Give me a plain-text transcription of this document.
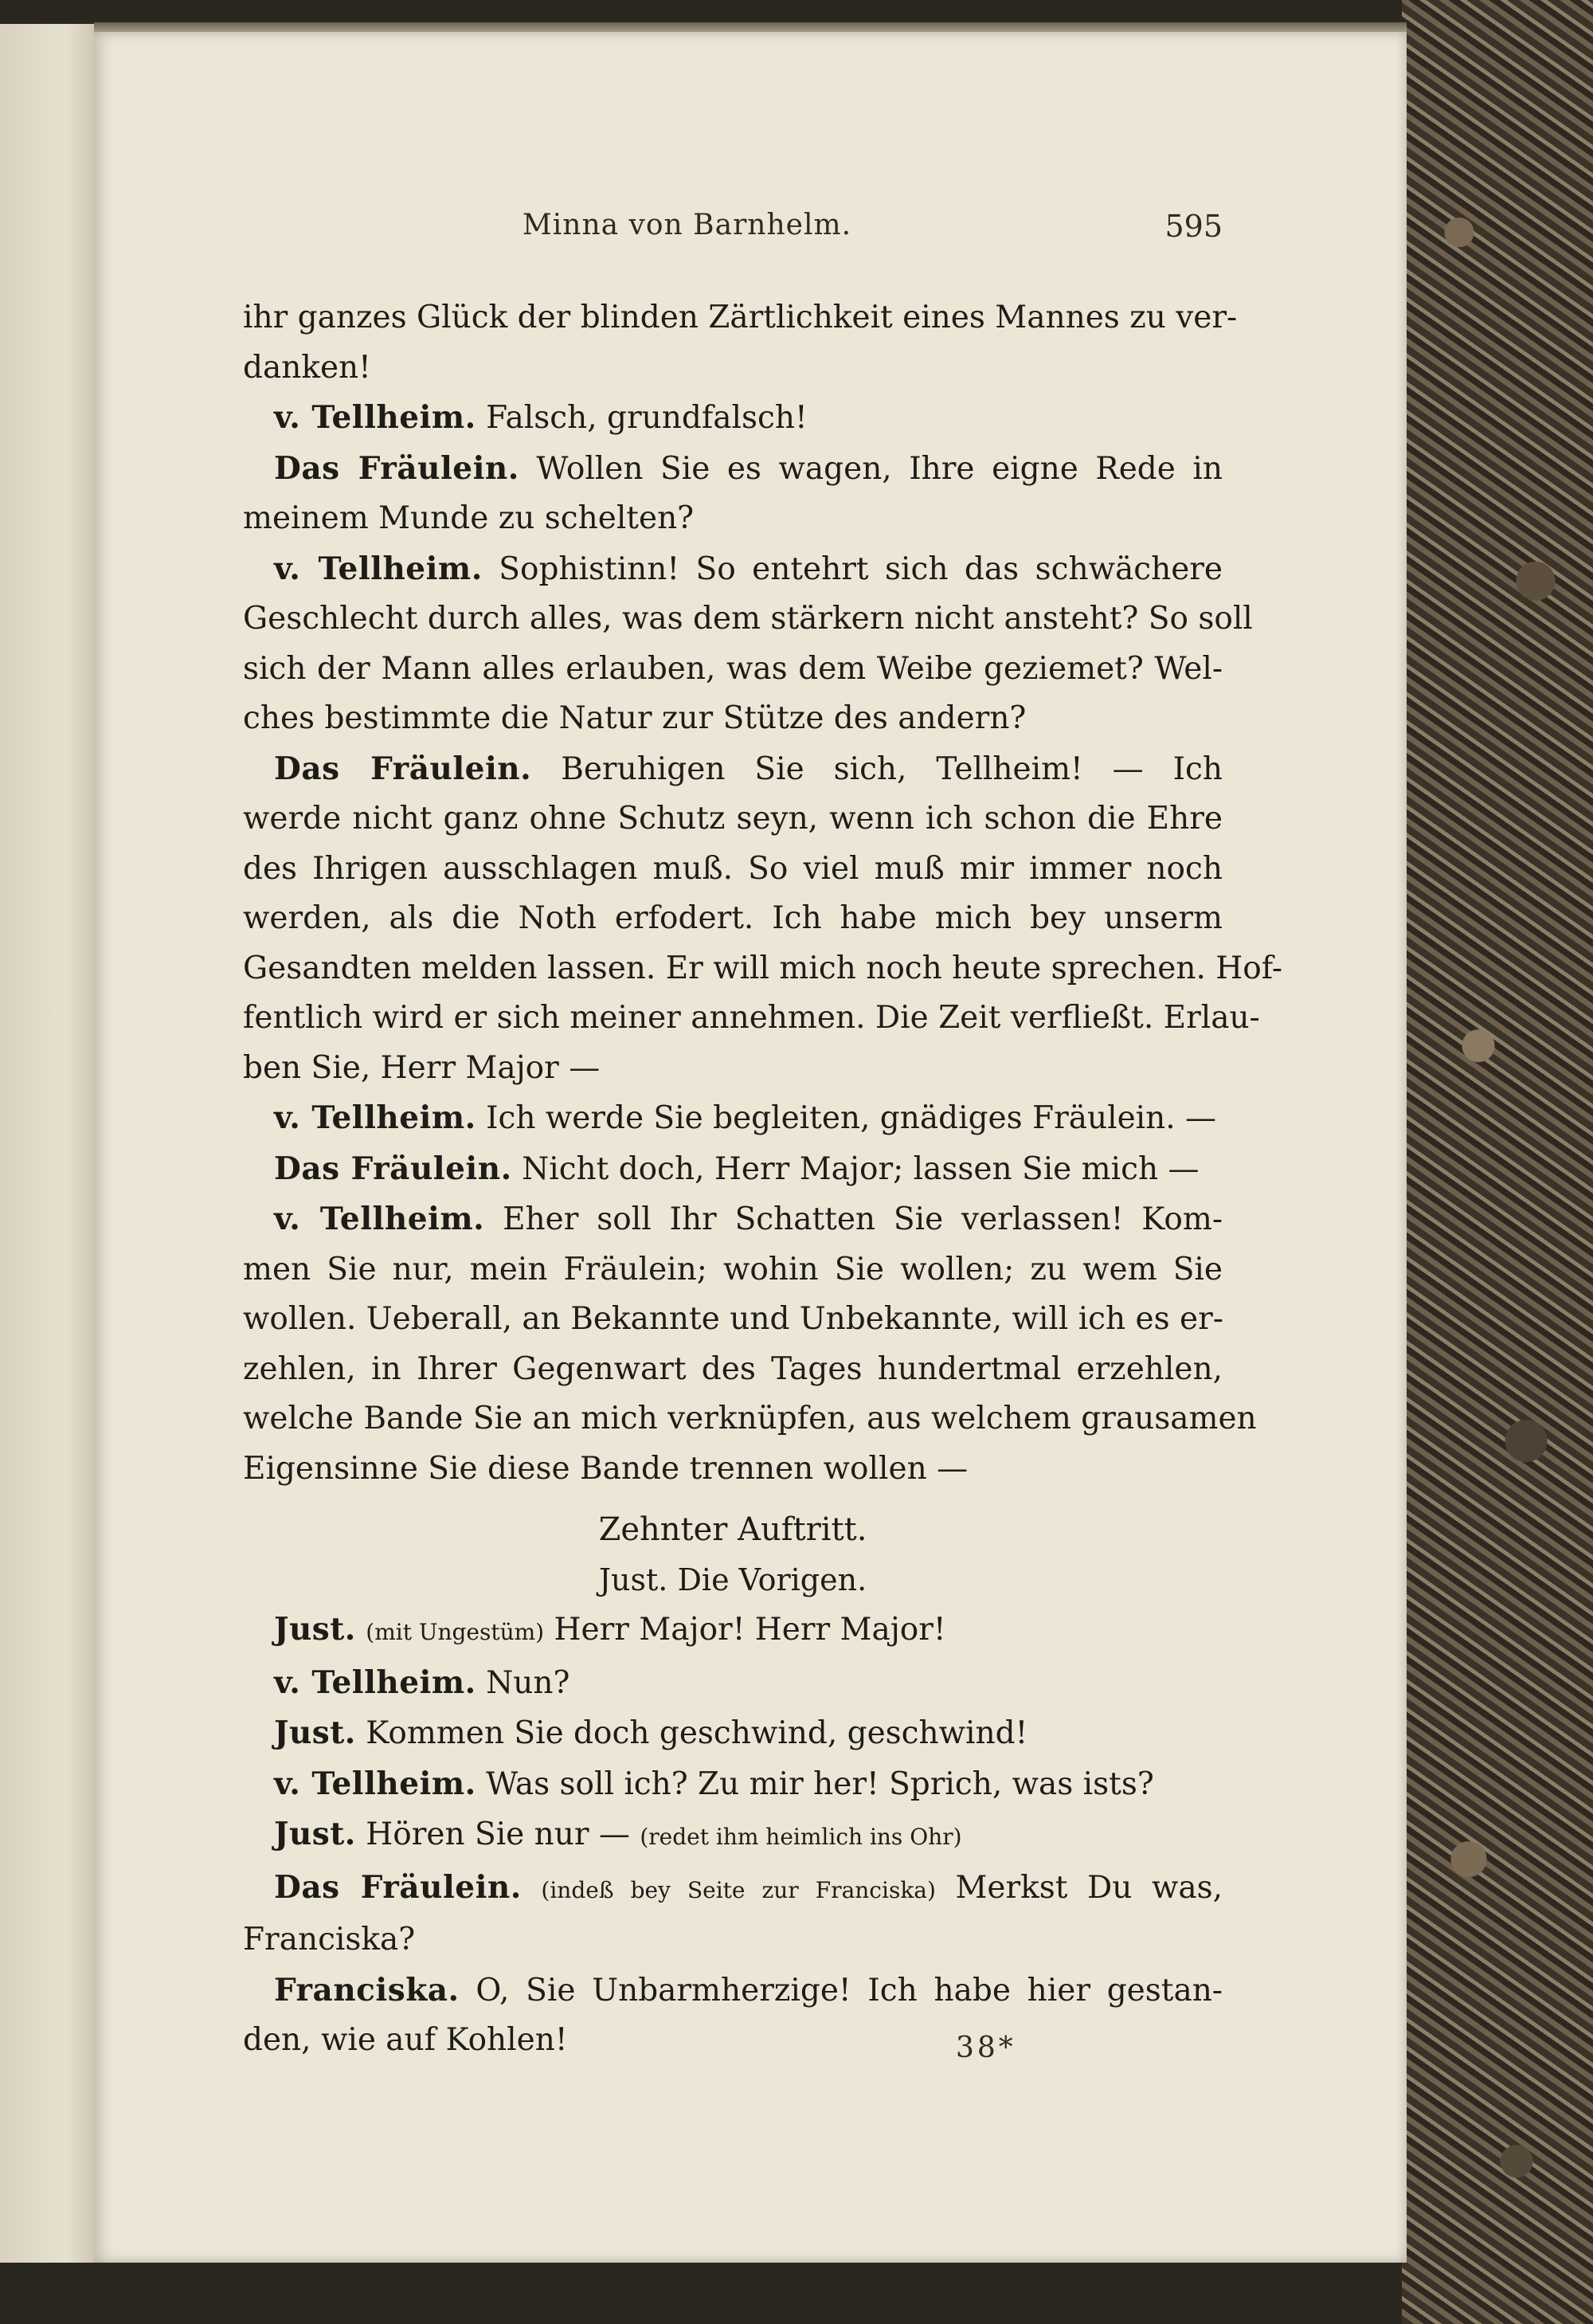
Minna von Barnhelm.	595
ihr ganzes Glück der blinden Zärtlichkeit eines Mannes zu ver-
danken!
 v. Tellheim. Falsch, grundfalsch!
 Das Fräulein. Wollen Sie es wagen, Ihre eigne Rede in
meinem Munde zu schelten?
 v. Tellheim. Sophistinn! So entehrt sich das schwächere
Geschlecht durch alles, was dem stärkern nicht ansteht? So soll
sich der Mann alles erlauben, was dem Weibe geziemet? Wel-
ches bestimmte die Natur zur Stütze des andern?
 Das Fräulein. Beruhigen Sie sich, Tellheim! — Ich
werde nicht ganz ohne Schutz seyn, wenn ich schon die Ehre
des Ihrigen ausschlagen muß. So viel muß mir immer noch
werden, als die Noth erfodert. Ich habe mich bey unserm
Gesandten melden lassen. Er will mich noch heute sprechen. Hof-
fentlich wird er sich meiner annehmen. Die Zeit verfließt. Erlau-
ben Sie, Herr Major —
 v. Tellheim. Ich werde Sie begleiten, gnädiges Fräulein. —
 Das Fräulein. Nicht doch, Herr Major; lassen Sie mich —
 v. Tellheim. Eher soll Ihr Schatten Sie verlassen! Kom-
men Sie nur, mein Fräulein; wohin Sie wollen; zu wem Sie
wollen. Ueberall, an Bekannte und Unbekannte, will ich es er-
zehlen, in Ihrer Gegenwart des Tages hundertmal erzehlen,
welche Bande Sie an mich verknüpfen, aus welchem grausamen
Eigensinne Sie diese Bande trennen wollen —
Zehnter Auftritt.
Just. Die Vorigen.
 Just. (mit Ungestüm) Herr Major! Herr Major!
 v. Tellheim. Nun?
 Just. Kommen Sie doch geschwind, geschwind!
 v. Tellheim. Was soll ich? Zu mir her! Sprich, was ists?
 Just. Hören Sie nur — (redet ihm heimlich ins Ohr)
 Das Fräulein. (indeß bey Seite zur Franciska) Merkst Du was,
Franciska?
 Franciska. O, Sie Unbarmherzige! Ich habe hier gestan-
den, wie auf Kohlen!	38*
